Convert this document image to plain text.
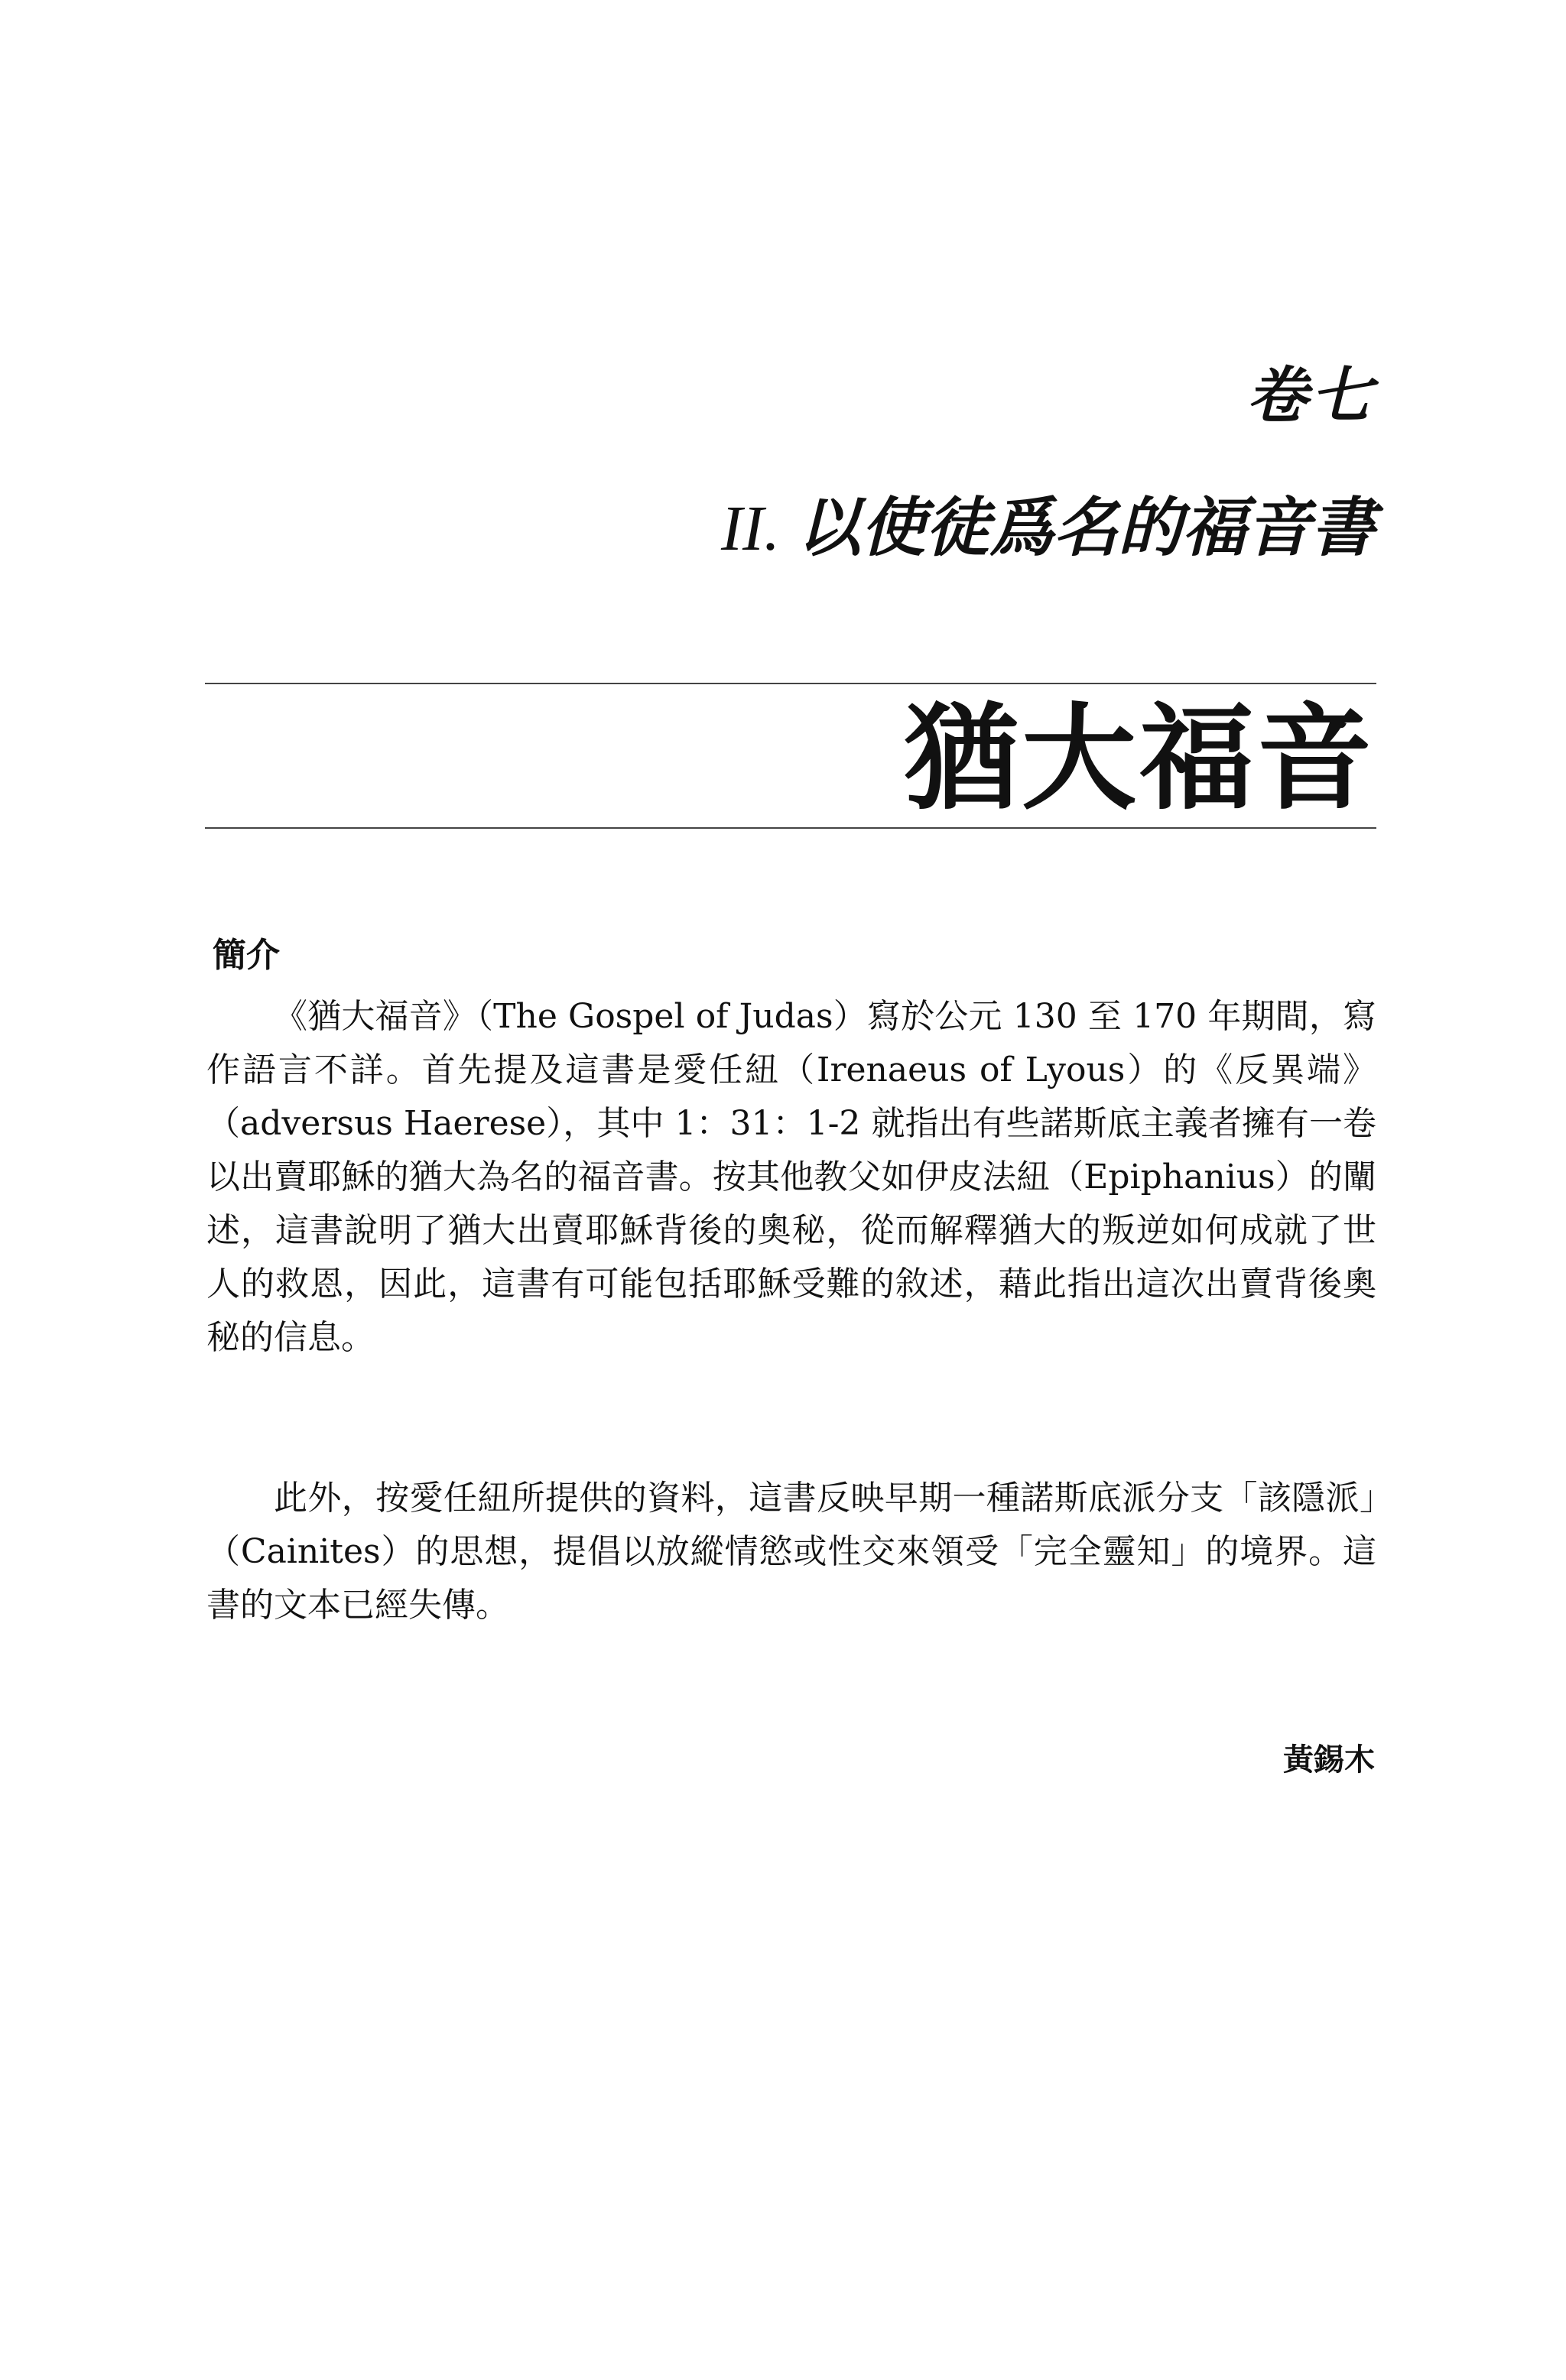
卷七
II. 以使徒爲名的福音書
猶大福音
簡介

《猶大福音》（The Gospel of Judas）寫於公元 130 至 170 年期間，寫作語言不詳。首先提及這書是愛任紐（Irenaeus of Lyous）的《反異端》（adversus Haerese），其中 1：31：1-2 就指出有些諾斯底主義者擁有一卷以出賣耶穌的猶大為名的福音書。按其他教父如伊皮法紐（Epiphanius）的闡述，這書說明了猶大出賣耶穌背後的奧秘，從而解釋猶大的叛逆如何成就了世人的救恩，因此，這書有可能包括耶穌受難的敘述，藉此指出這次出賣背後奧秘的信息。

此外，按愛任紐所提供的資料，這書反映早期一種諾斯底派分支「該隱派」（Cainites）的思想，提倡以放縱情慾或性交來領受「完全靈知」的境界。這書的文本已經失傳。

黃錫木
